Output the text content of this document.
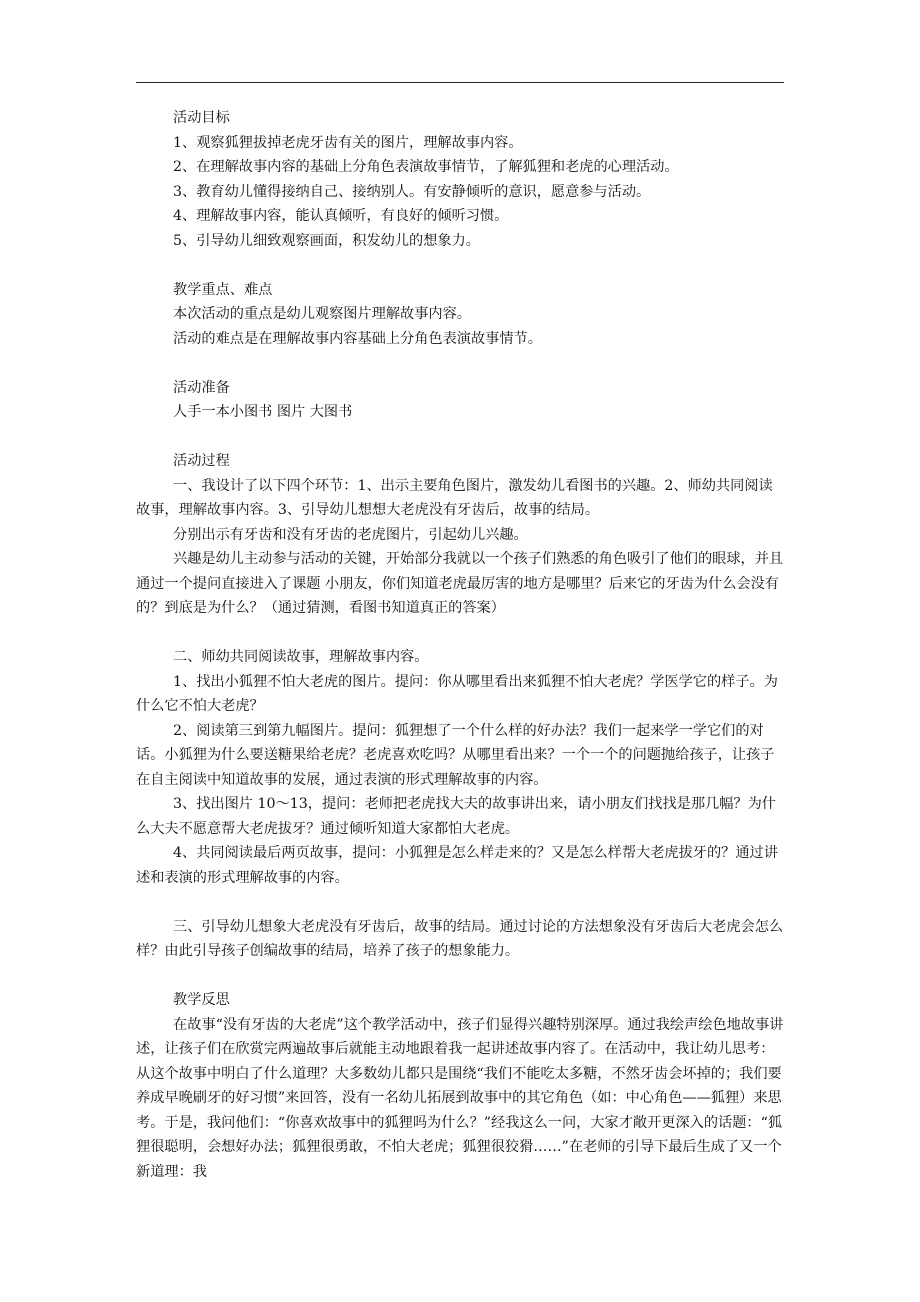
活动目标

1、观察狐狸拔掉老虎牙齿有关的图片，理解故事内容。

2、在理解故事内容的基础上分角色表演故事情节，了解狐狸和老虎的心理活动。

3、教育幼儿懂得接纳自己、接纳别人。有安静倾听的意识，愿意参与活动。

4、理解故事内容，能认真倾听，有良好的倾听习惯。

5、引导幼儿细致观察画面，积发幼儿的想象力。

教学重点、难点

本次活动的重点是幼儿观察图片理解故事内容。

活动的难点是在理解故事内容基础上分角色表演故事情节。

活动准备

人手一本小图书 图片 大图书

活动过程

一、我设计了以下四个环节：1、出示主要角色图片，激发幼儿看图书的兴趣。2、师幼共同阅读故事，理解故事内容。3、引导幼儿想想大老虎没有牙齿后，故事的结局。

分别出示有牙齿和没有牙齿的老虎图片，引起幼儿兴趣。

兴趣是幼儿主动参与活动的关键，开始部分我就以一个孩子们熟悉的角色吸引了他们的眼球，并且通过一个提问直接进入了课题 小朋友，你们知道老虎最厉害的地方是哪里？后来它的牙齿为什么会没有的？到底是为什么？（通过猜测，看图书知道真正的答案）

二、师幼共同阅读故事，理解故事内容。

1、找出小狐狸不怕大老虎的图片。提问：你从哪里看出来狐狸不怕大老虎？学医学它的样子。为什么它不怕大老虎？

2、阅读第三到第九幅图片。提问：狐狸想了一个什么样的好办法？我们一起来学一学它们的对话。小狐狸为什么要送糖果给老虎？老虎喜欢吃吗？从哪里看出来？一个一个的问题抛给孩子，让孩子在自主阅读中知道故事的发展，通过表演的形式理解故事的内容。

3、找出图片 10～13，提问：老师把老虎找大夫的故事讲出来，请小朋友们找找是那几幅？为什么大夫不愿意帮大老虎拔牙？通过倾听知道大家都怕大老虎。

4、共同阅读最后两页故事，提问：小狐狸是怎么样走来的？又是怎么样帮大老虎拔牙的？通过讲述和表演的形式理解故事的内容。

三、引导幼儿想象大老虎没有牙齿后，故事的结局。通过讨论的方法想象没有牙齿后大老虎会怎么样？由此引导孩子创编故事的结局，培养了孩子的想象能力。

教学反思

在故事“没有牙齿的大老虎”这个教学活动中，孩子们显得兴趣特别深厚。通过我绘声绘色地故事讲述，让孩子们在欣赏完两遍故事后就能主动地跟着我一起讲述故事内容了。在活动中，我让幼儿思考：从这个故事中明白了什么道理？大多数幼儿都只是围绕“我们不能吃太多糖，不然牙齿会坏掉的；我们要养成早晚刷牙的好习惯”来回答，没有一名幼儿拓展到故事中的其它角色（如：中心角色——狐狸）来思考。于是，我问他们：“你喜欢故事中的狐狸吗为什么？”经我这么一问，大家才敞开更深入的话题：“狐狸很聪明，会想好办法；狐狸很勇敢，不怕大老虎；狐狸很狡猾……”在老师的引导下最后生成了又一个新道理：我
